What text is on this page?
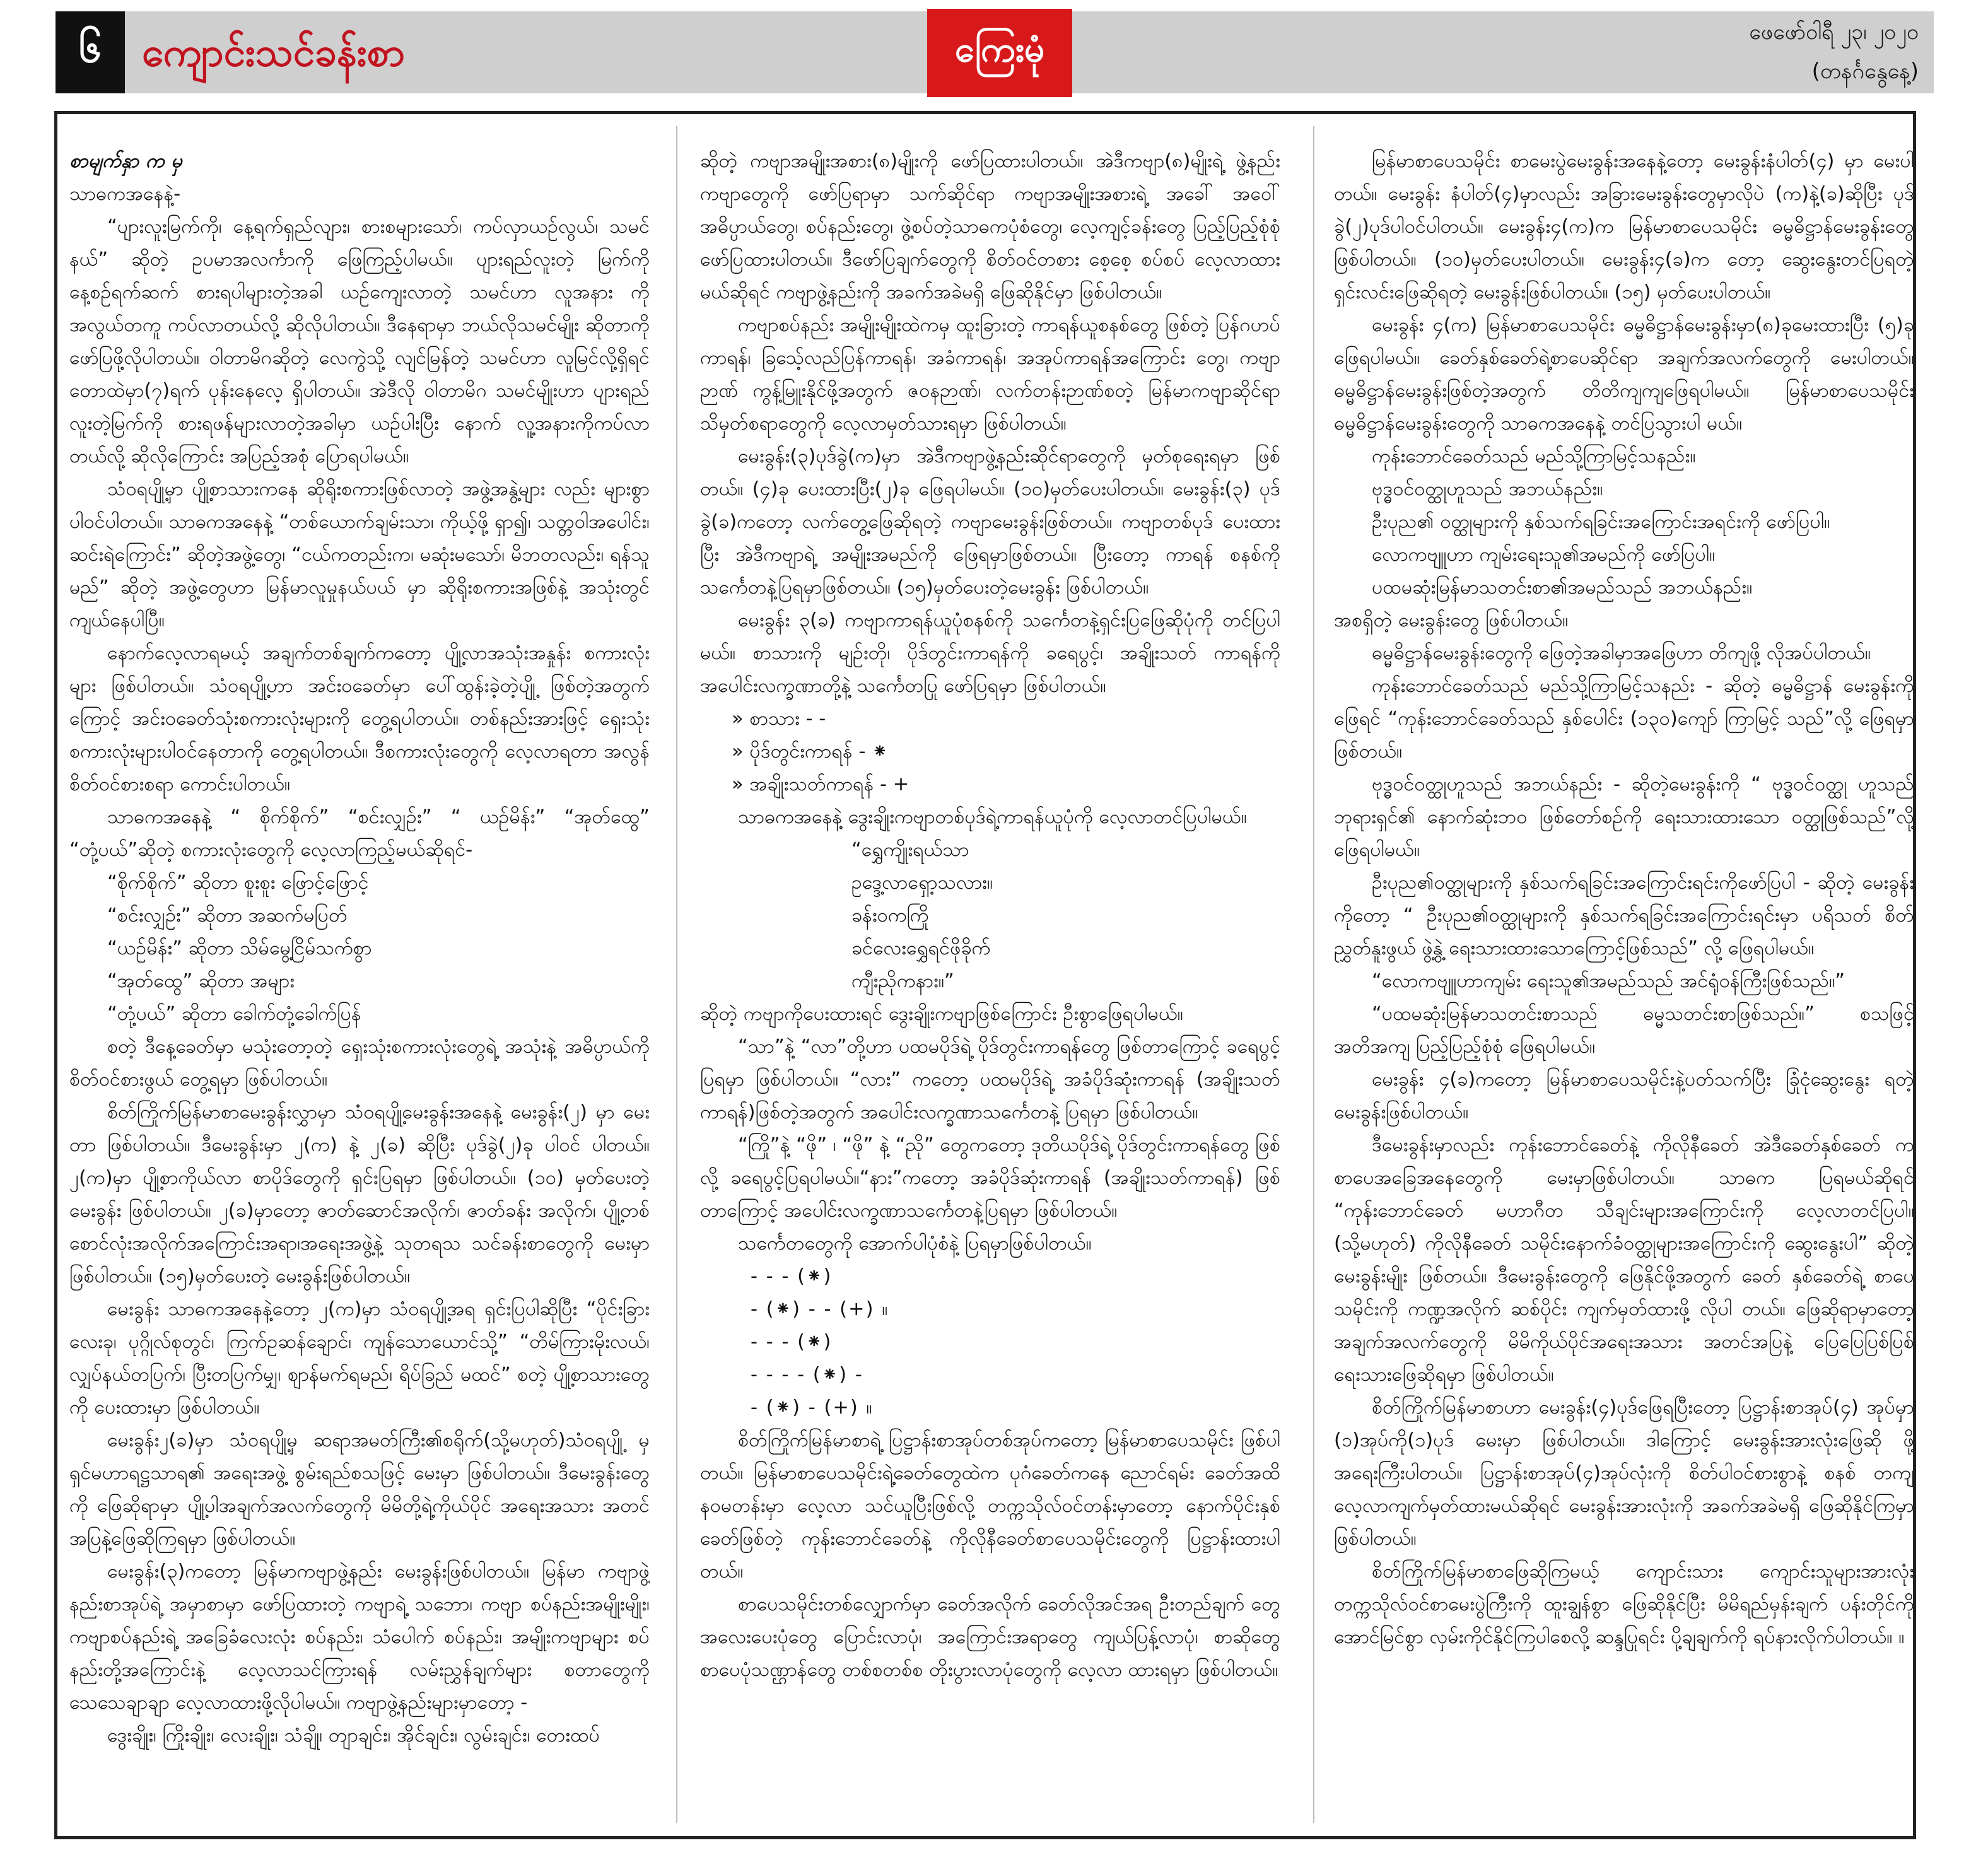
၆	ကျောင်းသင်ခန်းစာ	ကြေးမုံ	ဖေဖော်ဝါရီ ၂၃၊ ၂၀၂၀
(တနင်္ဂနွေနေ့)

စာမျက်နှာ က မှ

သာဓကအနေနဲ့-

“ပျားလူးမြက်ကို၊ နေ့ရက်ရှည်လျား၊ စားစများသော်၊ ကပ်လှာယဉ်လွယ်၊ သမင်နယ်” ဆိုတဲ့ ဥပမာအလင်္ကာကို ဖြေကြည့်ပါမယ်။ ပျားရည်လူးတဲ့ မြက်ကို နေ့စဉ်ရက်ဆက် စားရပါများတဲ့အခါ ယဉ်ကျေးလာတဲ့ သမင်ဟာ လူအနား ကို အလွယ်တကူ ကပ်လာတယ်လို့ ဆိုလိုပါတယ်။ ဒီနေရာမှာ ဘယ်လိုသမင်မျိုး ဆိုတာကို ဖော်ပြဖို့လိုပါတယ်။ ဝါတာမိဂဆိုတဲ့ လေကွဲသို့ လျင်မြန်တဲ့ သမင်ဟာ လူမြင်လို့ရှိရင် တောထဲမှာ(၇)ရက် ပုန်းနေလေ့ ရှိပါတယ်။ အဲဒီလို ဝါတာမိဂ သမင်မျိုးဟာ ပျားရည်လူးတဲ့မြက်ကို စားရဖန်များလာတဲ့အခါမှာ ယဉ်ပါးပြီး နောက် လူ့အနားကိုကပ်လာတယ်လို့ ဆိုလိုကြောင်း အပြည့်အစုံ ပြောရပါမယ်။

သံဝရပျို့မှာ ပျို့စာသားကနေ ဆိုရိုးစကားဖြစ်လာတဲ့ အဖွဲ့အနွဲ့များ လည်း များစွာပါဝင်ပါတယ်။ သာဓကအနေနဲ့ “တစ်ယောက်ချမ်းသာ၊ ကိုယ့်ဖို့ ရှာ၍၊ သတ္တဝါအပေါင်း၊ ဆင်းရဲကြောင်း” ဆိုတဲ့အဖွဲ့တွေ၊ “ငယ်ကတည်းက၊ မဆုံးမသော်၊ မိဘတလည်း၊ ရန်သူမည်” ဆိုတဲ့ အဖွဲ့တွေဟာ မြန်မာလူမှုနယ်ပယ် မှာ ဆိုရိုးစကားအဖြစ်နဲ့ အသုံးတွင် ကျယ်နေပါပြီ။

နောက်လေ့လာရမယ့် အချက်တစ်ချက်ကတော့ ပျို့လာအသုံးအနှုန်း စကားလုံးများ ဖြစ်ပါတယ်။ သံဝရပျို့ဟာ အင်းဝခေတ်မှာ ပေါ်ထွန်းခဲ့တဲ့ပျို့ ဖြစ်တဲ့အတွက်ကြောင့် အင်းဝခေတ်သုံးစကားလုံးများကို တွေ့ရပါတယ်။ တစ်နည်းအားဖြင့် ရှေးသုံးစကားလုံးများပါဝင်နေတာကို တွေ့ရပါတယ်။ ဒီစကားလုံးတွေကို လေ့လာရတာ အလွန်စိတ်ဝင်စားစရာ ကောင်းပါတယ်။

သာဓကအနေနဲ့ “ စိုက်စိုက်” “စင်းလျှဉ်း” “ ယဉ်မိန်း” “အုတ်ထွေ” “တုံ့ပယ်”ဆိုတဲ့ စကားလုံးတွေကို လေ့လာကြည့်မယ်ဆိုရင်-

“စိုက်စိုက်” ဆိုတာ စူးစူး ဖြောင့်ဖြောင့်

“စင်းလျှဉ်း” ဆိုတာ အဆက်မပြတ်

“ယဉ်မိန်း” ဆိုတာ သိမ်မွေ့ငြိမ်သက်စွာ

“အုတ်ထွေ” ဆိုတာ အများ

“တုံ့ပယ်” ဆိုတာ ခေါက်တုံ့ခေါက်ပြန်

စတဲ့ ဒီနေ့ခေတ်မှာ မသုံးတော့တဲ့ ရှေးသုံးစကားလုံးတွေရဲ့ အသုံးနဲ့ အဓိပ္ပာယ်ကို စိတ်ဝင်စားဖွယ် တွေ့ရမှာ ဖြစ်ပါတယ်။

စိတ်ကြိုက်မြန်မာစာမေးခွန်းလွှာမှာ သံဝရပျို့မေးခွန်းအနေနဲ့ မေးခွန်း(၂) မှာ မေးတာ ဖြစ်ပါတယ်။ ဒီမေးခွန်းမှာ ၂(က) နဲ့ ၂(ခ) ဆိုပြီး ပုဒ်ခွဲ(၂)ခု ပါဝင် ပါတယ်။ ၂(က)မှာ ပျို့စာကိုယ်လာ စာပိုဒ်တွေကို ရှင်းပြရမှာ ဖြစ်ပါတယ်။ (၁၀) မှတ်ပေးတဲ့မေးခွန်း ဖြစ်ပါတယ်။ ၂(ခ)မှာတော့ ဇာတ်ဆောင်အလိုက်၊ ဇာတ်ခန်း အလိုက်၊ ပျို့တစ်စောင်လုံးအလိုက်အကြောင်းအရာ၊အရေးအဖွဲ့နဲ့ သုတရသ သင်ခန်းစာတွေကို မေးမှာဖြစ်ပါတယ်။ (၁၅)မှတ်ပေးတဲ့ မေးခွန်းဖြစ်ပါတယ်။

မေးခွန်း သာဓကအနေနဲ့တော့ ၂(က)မှာ သံဝရပျို့အရ ရှင်းပြပါဆိုပြီး “ပိုင်းခြားလေးခု၊ ပုဂ္ဂိုလ်စုတွင်၊ ကြက်ဥဆန်ချောင်၊ ကျန်သောယောင်သို့” “တိမ်ကြားမိုးလယ်၊ လျှပ်နယ်တပြက်၊ ပြီးတပြက်မျှ၊ ဈာန်မက်ရမည်၊ ရိပ်ခြည် မထင်” စတဲ့ ပျို့စာသားတွေကို ပေးထားမှာ ဖြစ်ပါတယ်။

မေးခွန်း၂(ခ)မှာ သံဝရပျို့မှ ဆရာအမတ်ကြီး၏စရိုက်(သို့မဟုတ်)သံဝရပျို့ မှ ရှင်မဟာရဋ္ဌသာရ၏ အရေးအဖွဲ့ စွမ်းရည်စသဖြင့် မေးမှာ ဖြစ်ပါတယ်။ ဒီမေးခွန်းတွေကို ဖြေဆိုရာမှာ ပျို့ပါအချက်အလက်တွေကို မိမိတို့ရဲ့ကိုယ်ပိုင် အရေးအသား အတင်အပြနဲ့ဖြေဆိုကြရမှာ ဖြစ်ပါတယ်။

မေးခွန်း(၃)ကတော့ မြန်မာကဗျာဖွဲ့နည်း မေးခွန်းဖြစ်ပါတယ်။ မြန်မာ ကဗျာဖွဲ့နည်းစာအုပ်ရဲ့ အမှာစာမှာ ဖော်ပြထားတဲ့ ကဗျာရဲ့ သဘော၊ ကဗျာ စပ်နည်းအမျိုးမျိုး၊ ကဗျာစပ်နည်းရဲ့ အခြေခံလေးလုံး စပ်နည်း၊ သံပေါက် စပ်နည်း၊ အမျိုးကဗျာများ စပ်နည်းတို့အကြောင်းနဲ့ လေ့လာသင်ကြားရန် လမ်းညွှန်ချက်များ စတာတွေကို သေသေချာချာ လေ့လာထားဖို့လိုပါမယ်။ ကဗျာဖွဲ့နည်းများမှာတော့ -

ဒွေးချိုး၊ ကြိုးချိုး၊ လေးချိုး၊ သံချို၊ တျာချင်း၊ အိုင်ချင်း၊ လွမ်းချင်း၊ တေးထပ်

ဆိုတဲ့ ကဗျာအမျိုးအစား(၈)မျိုးကို ဖော်ပြထားပါတယ်။ အဲဒီကဗျာ(၈)မျိုးရဲ့ ဖွဲ့နည်းကဗျာတွေကို ဖော်ပြရာမှာ သက်ဆိုင်ရာ ကဗျာအမျိုးအစားရဲ့ အခေါ် အဝေါ် အဓိပ္ပာယ်တွေ၊ စပ်နည်းတွေ၊ ဖွဲ့စပ်တဲ့သာဓကပုံစံတွေ၊ လေ့ကျင့်ခန်းတွေ ပြည့်ပြည့်စုံစုံ ဖော်ပြထားပါတယ်။ ဒီဖော်ပြချက်တွေကို စိတ်ဝင်တစား စေ့စေ့ စပ်စပ် လေ့လာထားမယ်ဆိုရင် ကဗျာဖွဲ့နည်းကို အခက်အခဲမရှိ ဖြေဆိုနိုင်မှာ ဖြစ်ပါတယ်။

ကဗျာစပ်နည်း အမျိုးမျိုးထဲကမှ ထူးခြားတဲ့ ကာရန်ယူစနစ်တွေ ဖြစ်တဲ့ ပြန်ဂဟပ်ကာရန်၊ ခြသေ့်လည်ပြန်ကာရန်၊ အခံကာရန်၊ အအုပ်ကာရန်အကြောင်း တွေ၊ ကဗျာဉာဏ် ကွန့်မြူးနိုင်ဖို့အတွက် ဇဝနဉာဏ်၊ လက်တန်းဉာဏ်စတဲ့ မြန်မာကဗျာဆိုင်ရာ သိမှတ်စရာတွေကို လေ့လာမှတ်သားရမှာ ဖြစ်ပါတယ်။

မေးခွန်း(၃)ပုဒ်ခွဲ(က)မှာ အဲဒီကဗျာဖွဲ့နည်းဆိုင်ရာတွေကို မှတ်စုရေးရမှာ ဖြစ်တယ်။ (၄)ခု ပေးထားပြီး(၂)ခု ဖြေရပါမယ်။ (၁၀)မှတ်ပေးပါတယ်။ မေးခွန်း(၃) ပုဒ်ခွဲ(ခ)ကတော့ လက်တွေ့ဖြေဆိုရတဲ့ ကဗျာမေးခွန်းဖြစ်တယ်။ ကဗျာတစ်ပုဒ် ပေးထားပြီး အဲဒီကဗျာရဲ့ အမျိုးအမည်ကို ဖြေရမှာဖြစ်တယ်။ ပြီးတော့ ကာရန် စနစ်ကို သင်္ကေတနဲ့ပြရမှာဖြစ်တယ်။ (၁၅)မှတ်ပေးတဲ့မေးခွန်း ဖြစ်ပါတယ်။

မေးခွန်း ၃(ခ) ကဗျာကာရန်ယူပုံစနစ်ကို သင်္ကေတနဲ့ရှင်းပြဖြေဆိုပုံကို တင်ပြပါမယ်။ စာသားကို မျဉ်းတို၊ ပိုဒ်တွင်းကာရန်ကို ခရေပွင့်၊ အချိုးသတ် ကာရန်ကို အပေါင်းလက္ခဏာတို့နဲ့ သင်္ကေတပြု ဖော်ပြရမှာ ဖြစ်ပါတယ်။

» စာသား - -

» ပိုဒ်တွင်းကာရန် - ⁕

» အချိုးသတ်ကာရန် - +

သာဓကအနေနဲ့ ဒွေးချိုးကဗျာတစ်ပုဒ်ရဲ့ကာရန်ယူပုံကို လေ့လာတင်ပြပါမယ်။

“ရွှေကျိုးရယ်သာ

ဥဒ္ဒေ့လာရှော့သလား။

ခန်းဝကကြို

ခင်လေးရွှေရင်ဖိုခိုက်

ကျီးညိုကနား။”

ဆိုတဲ့ ကဗျာကိုပေးထားရင် ဒွေးချိုးကဗျာဖြစ်ကြောင်း ဦးစွာဖြေရပါမယ်။

“သာ”နဲ့ “လာ”တို့ဟာ ပထမပိုဒ်ရဲ့ ပိုဒ်တွင်းကာရန်တွေ ဖြစ်တာကြောင့် ခရေပွင့်ပြရမှာ ဖြစ်ပါတယ်။ “လား” ကတော့ ပထမပိုဒ်ရဲ့ အခံပိုဒ်ဆုံးကာရန် (အချိုးသတ်ကာရန်)ဖြစ်တဲ့အတွက် အပေါင်းလက္ခဏာသင်္ကေတနဲ့ ပြရမှာ ဖြစ်ပါတယ်။

“ကြို”နဲ့ “ဖို” ၊ “ဖို” နဲ့ “ညို” တွေကတော့ ဒုတိယပိုဒ်ရဲ့ ပိုဒ်တွင်းကာရန်တွေ ဖြစ်လို့ ခရေပွင့်ပြရပါမယ်။“နား”ကတော့ အခံပိုဒ်ဆုံးကာရန် (အချိုးသတ်ကာရန်) ဖြစ်တာကြောင့် အပေါင်းလက္ခဏာသင်္ကေတနဲ့ပြရမှာ ဖြစ်ပါတယ်။

သင်္ကေတတွေကို အောက်ပါပုံစံနဲ့ ပြရမှာဖြစ်ပါတယ်။

- - - (⁕)

- (⁕) - - (+) ။

- - - (⁕)

- - - - (⁕) -

- (⁕) - (+) ။

စိတ်ကြိုက်မြန်မာစာရဲ့ ပြဋ္ဌာန်းစာအုပ်တစ်အုပ်ကတော့ မြန်မာစာပေသမိုင်း ဖြစ်ပါတယ်။ မြန်မာစာပေသမိုင်းရဲ့ခေတ်တွေထဲက ပုဂံခေတ်ကနေ ညောင်ရမ်း ခေတ်အထိ နဝမတန်းမှာ လေ့လာ သင်ယူပြီးဖြစ်လို့ တက္ကသိုလ်ဝင်တန်းမှာတော့ နောက်ပိုင်းနှစ်ခေတ်ဖြစ်တဲ့ ကုန်းဘောင်ခေတ်နဲ့ ကိုလိုနီခေတ်စာပေသမိုင်းတွေကို ပြဋ္ဌာန်းထားပါတယ်။

စာပေသမိုင်းတစ်လျှောက်မှာ ခေတ်အလိုက် ခေတ်လိုအင်အရ ဦးတည်ချက် တွေ အလေးပေးပုံတွေ ပြောင်းလာပုံ၊ အကြောင်းအရာတွေ ကျယ်ပြန့်လာပုံ၊ စာဆိုတွေ စာပေပုံသဏ္ဌာန်တွေ တစ်စတစ်စ တိုးပွားလာပုံတွေကို လေ့လာ ထားရမှာ ဖြစ်ပါတယ်။

မြန်မာစာပေသမိုင်း စာမေးပွဲမေးခွန်းအနေနဲ့တော့ မေးခွန်းနံပါတ်(၄) မှာ မေးပါတယ်။ မေးခွန်း နံပါတ်(၄)မှာလည်း အခြားမေးခွန်းတွေမှာလိုပဲ (က)နဲ့(ခ)ဆိုပြီး ပုဒ်ခွဲ(၂)ပုဒ်ပါဝင်ပါတယ်။ မေးခွန်း၄(က)က မြန်မာစာပေသမိုင်း ဓမ္မဓိဋ္ဌာန်မေးခွန်းတွေ ဖြစ်ပါတယ်။ (၁၀)မှတ်ပေးပါတယ်။ မေးခွန်း၄(ခ)က တော့ ဆွေးနွေးတင်ပြရတဲ့ ရှင်းလင်းဖြေဆိုရတဲ့ မေးခွန်းဖြစ်ပါတယ်။ (၁၅) မှတ်ပေးပါတယ်။

မေးခွန်း ၄(က) မြန်မာစာပေသမိုင်း ဓမ္မဓိဋ္ဌာန်မေးခွန်းမှာ(၈)ခုမေးထားပြီး (၅)ခုဖြေရပါမယ်။ ခေတ်နှစ်ခေတ်ရဲ့စာပေဆိုင်ရာ အချက်အလက်တွေကို မေးပါတယ်။ ဓမ္မဓိဋ္ဌာန်မေးခွန်းဖြစ်တဲ့အတွက် တိတိကျကျဖြေရပါမယ်။ မြန်မာစာပေသမိုင်း ဓမ္မဓိဋ္ဌာန်မေးခွန်းတွေကို သာဓကအနေနဲ့ တင်ပြသွားပါ မယ်။

ကုန်းဘောင်ခေတ်သည် မည်သို့ကြာမြင့်သနည်း။

ဗုဒ္ဓဝင်ဝတ္ထုဟူသည် အဘယ်နည်း။

ဦးပုည၏ ဝတ္ထုများကို နှစ်သက်ရခြင်းအကြောင်းအရင်းကို ဖော်ပြပါ။

လောကဗျူဟာ ကျမ်းရေးသူ၏အမည်ကို ဖော်ပြပါ။

ပထမဆုံးမြန်မာသတင်းစာ၏အမည်သည် အဘယ်နည်း။

အစရှိတဲ့ မေးခွန်းတွေ ဖြစ်ပါတယ်။

ဓမ္မဓိဋ္ဌာန်မေးခွန်းတွေကို ဖြေတဲ့အခါမှာအဖြေဟာ တိကျဖို့ လိုအပ်ပါတယ်။

ကုန်းဘောင်ခေတ်သည် မည်သို့ကြာမြင့်သနည်း - ဆိုတဲ့ ဓမ္မဓိဋ္ဌာန် မေးခွန်းကိုဖြေရင် “ကုန်းဘောင်ခေတ်သည် နှစ်ပေါင်း (၁၃၀)ကျော် ကြာမြင့် သည်”လို့ ဖြေရမှာ ဖြစ်တယ်။

ဗုဒ္ဓဝင်ဝတ္ထုဟူသည် အဘယ်နည်း - ဆိုတဲ့မေးခွန်းကို “ ဗုဒ္ဓဝင်ဝတ္ထု ဟူသည် ဘုရားရှင်၏ နောက်ဆုံးဘဝ ဖြစ်တော်စဉ်ကို ရေးသားထားသော ဝတ္ထုဖြစ်သည်”လို့ ဖြေရပါမယ်။

ဦးပုည၏ဝတ္ထုများကို နှစ်သက်ရခြင်းအကြောင်းရင်းကိုဖော်ပြပါ - ဆိုတဲ့ မေးခွန်းကိုတော့ “ ဦးပုည၏ဝတ္ထုများကို နှစ်သက်ရခြင်းအကြောင်းရင်းမှာ ပရိသတ် စိတ်ညွှတ်နူးဖွယ် ဖွဲ့နွဲ့ ရေးသားထားသောကြောင့်ဖြစ်သည်” လို့ ဖြေရပါမယ်။

“လောကဗျူဟာကျမ်း ရေးသူ၏အမည်သည် အင်ရုံဝန်ကြီးဖြစ်သည်။”

“ပထမဆုံးမြန်မာသတင်းစာသည် ဓမ္မသတင်းစာဖြစ်သည်။” စသဖြင့် အတိအကျ ပြည့်ပြည့်စုံစုံ ဖြေရပါမယ်။

မေးခွန်း ၄(ခ)ကတော့ မြန်မာစာပေသမိုင်းနဲ့ပတ်သက်ပြီး ခြုံငုံဆွေးနွေး ရတဲ့ မေးခွန်းဖြစ်ပါတယ်။

ဒီမေးခွန်းမှာလည်း ကုန်းဘောင်ခေတ်နဲ့ ကိုလိုနီခေတ် အဲဒီခေတ်နှစ်ခေတ် က စာပေအခြေအနေတွေကို မေးမှာဖြစ်ပါတယ်။ သာဓက ပြရမယ်ဆိုရင် “ကုန်းဘောင်ခေတ် မဟာဂီတ သီချင်းများအကြောင်းကို လေ့လာတင်ပြပါ။ (သို့မဟုတ်) ကိုလိုနီခေတ် သမိုင်းနောက်ခံဝတ္ထုများအကြောင်းကို ဆွေးနွေးပါ” ဆိုတဲ့ မေးခွန်းမျိုး ဖြစ်တယ်။ ဒီမေးခွန်းတွေကို ဖြေနိုင်ဖို့အတွက် ခေတ် နှစ်ခေတ်ရဲ့ စာပေသမိုင်းကို ကဏ္ဍအလိုက် ဆစ်ပိုင်း ကျက်မှတ်ထားဖို့ လိုပါ တယ်။ ဖြေဆိုရာမှာတော့ အချက်အလက်တွေကို မိမိကိုယ်ပိုင်အရေးအသား အတင်အပြနဲ့ ပြေပြေပြစ်ပြစ် ရေးသားဖြေဆိုရမှာ ဖြစ်ပါတယ်။

စိတ်ကြိုက်မြန်မာစာဟာ မေးခွန်း(၄)ပုဒ်ဖြေရပြီးတော့ ပြဋ္ဌာန်းစာအုပ်(၄) အုပ်မှာ (၁)အုပ်ကို(၁)ပုဒ် မေးမှာ ဖြစ်ပါတယ်။ ဒါကြောင့် မေးခွန်းအားလုံးဖြေဆို ဖို့ အရေးကြီးပါတယ်။ ပြဋ္ဌာန်းစာအုပ်(၄)အုပ်လုံးကို စိတ်ပါဝင်စားစွာနဲ့ စနစ် တကျ လေ့လာကျက်မှတ်ထားမယ်ဆိုရင် မေးခွန်းအားလုံးကို အခက်အခဲမရှိ ဖြေဆိုနိုင်ကြမှာ ဖြစ်ပါတယ်။

စိတ်ကြိုက်မြန်မာစာဖြေဆိုကြမယ့် ကျောင်းသား ကျောင်းသူများအားလုံး တက္ကသိုလ်ဝင်စာမေးပွဲကြီးကို ထူးချွန်စွာ ဖြေဆိုနိုင်ပြီး မိမိရည်မှန်းချက် ပန်းတိုင်ကို အောင်မြင်စွာ လှမ်းကိုင်နိုင်ကြပါစေလို့ ဆန္ဒပြုရင်း ပို့ချချက်ကို ရပ်နားလိုက်ပါတယ်။ ။
